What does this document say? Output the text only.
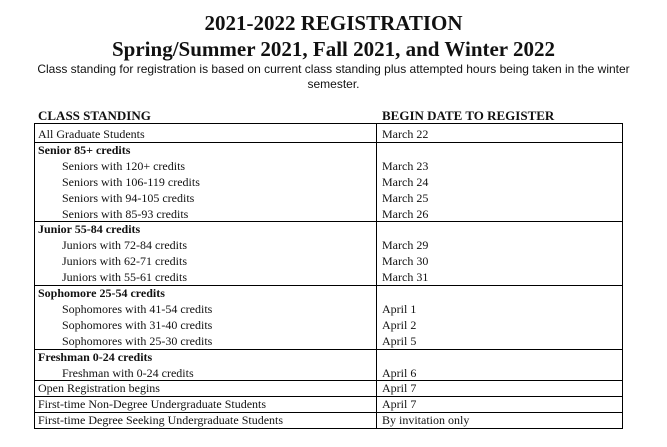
2021-2022 REGISTRATION
Spring/Summer 2021, Fall 2021, and Winter 2022
Class standing for registration is based on current class standing plus attempted hours being taken in the winter semester.
CLASS STANDING	BEGIN DATE TO REGISTER
All Graduate Students	March 22
Senior 85+ credits
Seniors with 120+ credits	March 23
Seniors with 106-119 credits	March 24
Seniors with 94-105 credits	March 25
Seniors with 85-93 credits	March 26
Junior 55-84 credits
Juniors with 72-84 credits	March 29
Juniors with 62-71 credits	March 30
Juniors with 55-61 credits	March 31
Sophomore 25-54 credits
Sophomores with 41-54 credits	April 1
Sophomores with 31-40 credits	April 2
Sophomores with 25-30 credits	April 5
Freshman 0-24 credits
Freshman with 0-24 credits	April 6
Open Registration begins	April 7
First-time Non-Degree Undergraduate Students	April 7
First-time Degree Seeking Undergraduate Students	By invitation only
